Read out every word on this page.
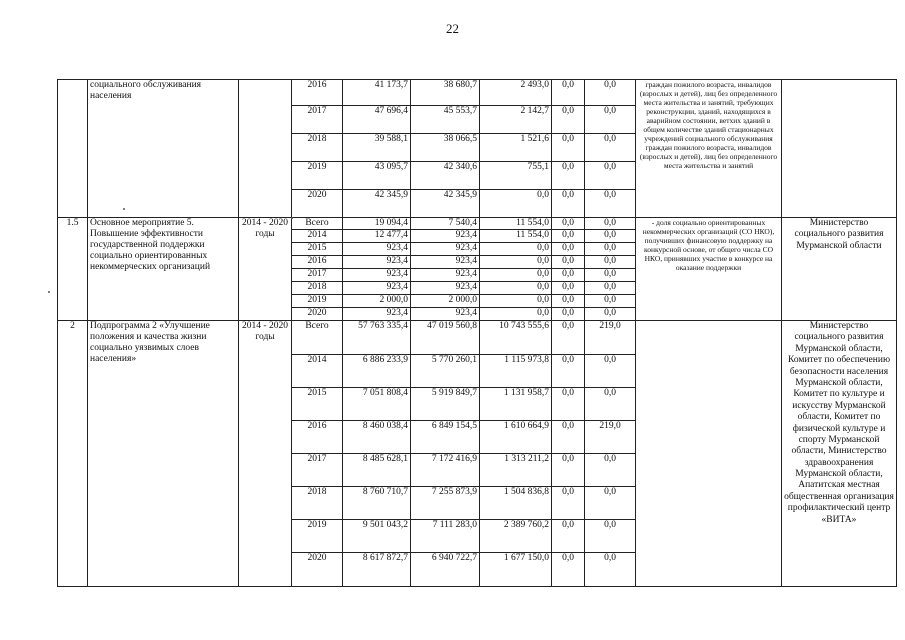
22
	социального обслуживания населения		2016	41 173,7	38 680,7	2 493,0	0,0	0,0	граждан пожилого возраста, инвалидов (взрослых и детей), лиц без определенного места жительства и занятий, требующих реконструкции, зданий, находящихся в аварийном состоянии, ветхих зданий в общем количестве зданий стационарных учреждений социального обслуживания граждан пожилого возраста, инвалидов (взрослых и детей), лиц без определенного места жительства и занятий	
			2017	47 696,4	45 553,7	2 142,7	0,0	0,0		
			2018	39 588,1	38 066,5	1 521,6	0,0	0,0		
			2019	43 095,7	42 340,6	755,1	0,0	0,0		
			2020	42 345,9	42 345,9	0,0	0,0	0,0		
1.5	Основное мероприятие 5. Повышение эффективности государственной поддержки социально ориентированных некоммерческих организаций	2014 - 2020 годы	Всего	19 094,4	7 540,4	11 554,0	0,0	0,0	- доля социально ориентированных некоммерческих организаций (СО НКО), получивших финансовую поддержку на конкурсной основе, от общего числа СО НКО, принявших участие в конкурсе на оказание поддержки	Министерство социального развития Мурманской области
			2014	12 477,4	923,4	11 554,0	0,0	0,0		
			2015	923,4	923,4	0,0	0,0	0,0		
			2016	923,4	923,4	0,0	0,0	0,0		
			2017	923,4	923,4	0,0	0,0	0,0		
			2018	923,4	923,4	0,0	0,0	0,0		
			2019	2 000,0	2 000,0	0,0	0,0	0,0		
			2020	923,4	923,4	0,0	0,0	0,0		
2	Подпрограмма 2 «Улучшение положения и качества жизни социально уязвимых слоев населения»	2014 - 2020 годы	Всего	57 763 335,4	47 019 560,8	10 743 555,6	0,0	219,0		Министерство социального развития Мурманской области, Комитет по обеспечению безопасности населения Мурманской области, Комитет по культуре и искусству Мурманской области, Комитет по физической культуре и спорту Мурманской области, Министерство здравоохранения Мурманской области, Апатитская местная общественная организация профилактический центр «ВИТА»
			2014	6 886 233,9	5 770 260,1	1 115 973,8	0,0	0,0		
			2015	7 051 808,4	5 919 849,7	1 131 958,7	0,0	0,0		
			2016	8 460 038,4	6 849 154,5	1 610 664,9	0,0	219,0		
			2017	8 485 628,1	7 172 416,9	1 313 211,2	0,0	0,0		
			2018	8 760 710,7	7 255 873,9	1 504 836,8	0,0	0,0		
			2019	9 501 043,2	7 111 283,0	2 389 760,2	0,0	0,0		
			2020	8 617 872,7	6 940 722,7	1 677 150,0	0,0	0,0		
